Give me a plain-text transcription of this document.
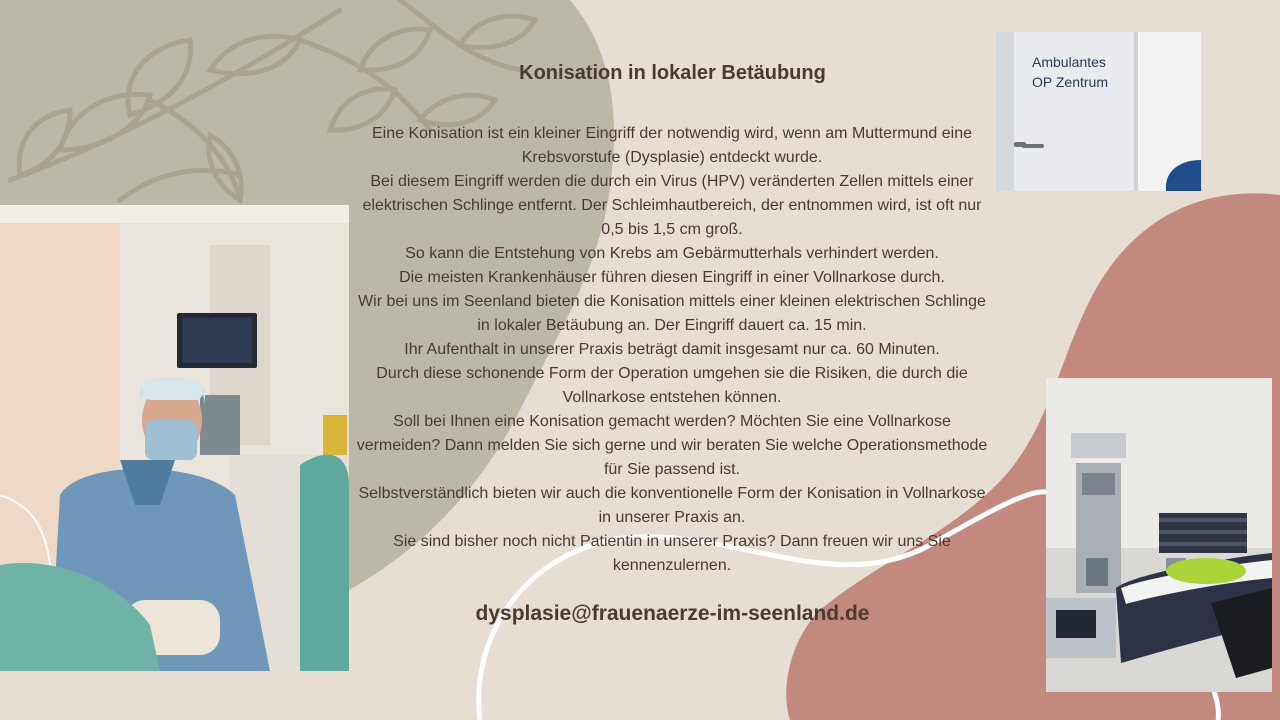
Ambulantes
OP Zentrum
Konisation in lokaler Betäubung

Eine Konisation ist ein kleiner Eingriff der notwendig wird, wenn am Muttermund eine Krebsvorstufe (Dysplasie) entdeckt wurde.

Bei diesem Eingriff werden die durch ein Virus (HPV) veränderten Zellen mittels einer elektrischen Schlinge entfernt. Der Schleimhautbereich, der entnommen wird, ist oft nur 0,5 bis 1,5 cm groß.

So kann die Entstehung von Krebs am Gebärmutterhals verhindert werden.

Die meisten Krankenhäuser führen diesen Eingriff in einer Vollnarkose durch.

Wir bei uns im Seenland bieten die Konisation mittels einer kleinen elektrischen Schlinge in lokaler Betäubung an. Der Eingriff dauert ca. 15 min.

Ihr Aufenthalt in unserer Praxis beträgt damit insgesamt nur ca. 60 Minuten.

Durch diese schonende Form der Operation umgehen sie die Risiken, die durch die Vollnarkose entstehen können.

Soll bei Ihnen eine Konisation gemacht werden? Möchten Sie eine Vollnarkose vermeiden? Dann melden Sie sich gerne und wir beraten Sie welche Operationsmethode für Sie passend ist.

Selbstverständlich bieten wir auch die konventionelle Form der Konisation in Vollnarkose in unserer Praxis an.

Sie sind bisher noch nicht Patientin in unserer Praxis? Dann freuen wir uns Sie kennenzulernen.

dysplasie@frauenaerze-im-seenland.de
